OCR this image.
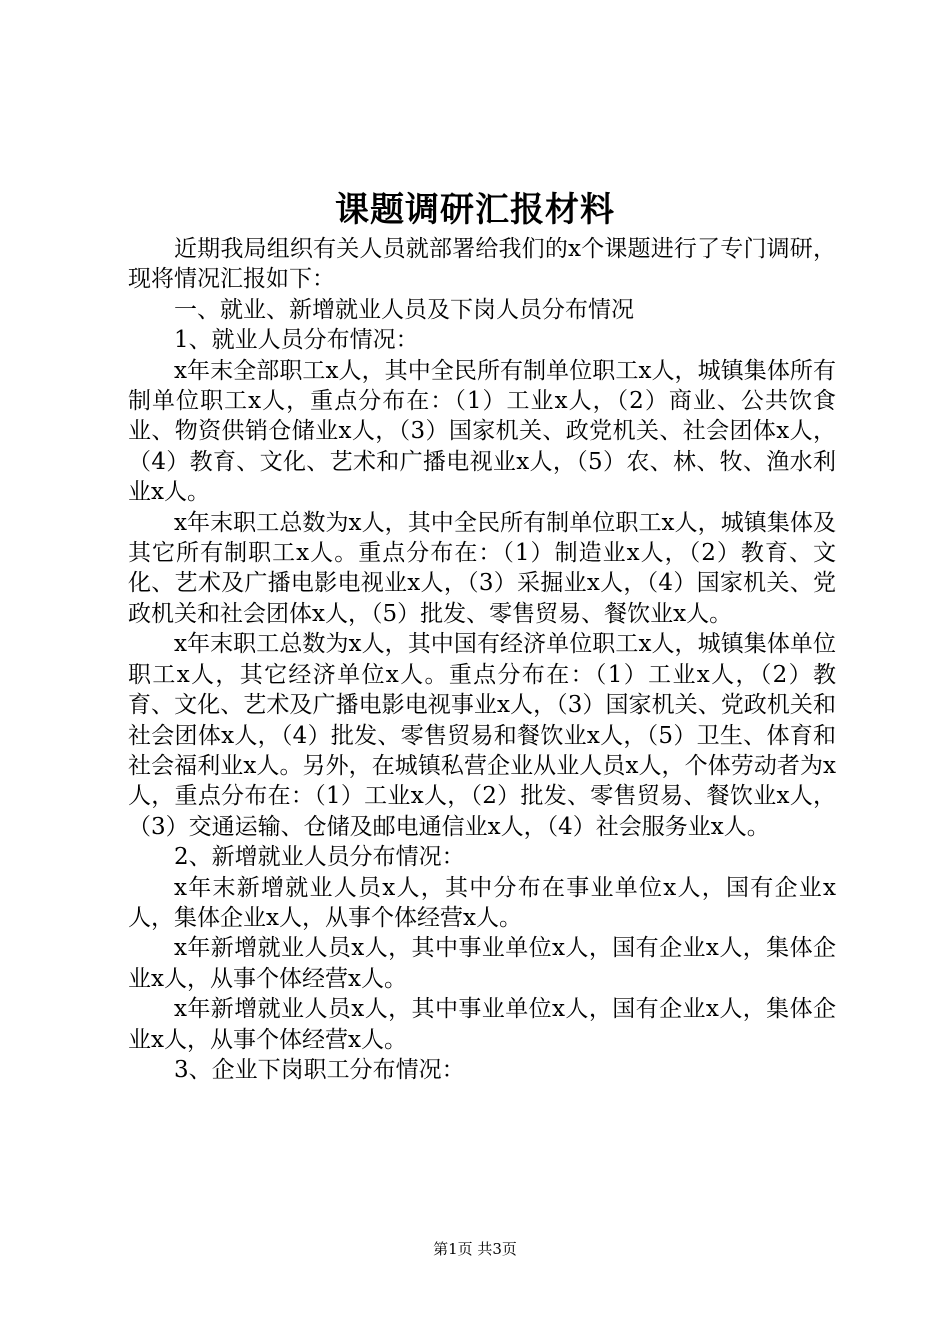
课题调研汇报材料

近期我局组织有关人员就部署给我们的x个课题进行了专门调研，现将情况汇报如下：

一、就业、新增就业人员及下岗人员分布情况

1、就业人员分布情况：

x年末全部职工x人，其中全民所有制单位职工x人，城镇集体所有制单位职工x人，重点分布在：（1）工业x人，（2）商业、公共饮食业、物资供销仓储业x人，（3）国家机关、政党机关、社会团体x人，（4）教育、文化、艺术和广播电视业x人，（5）农、林、牧、渔水利业x人。

x年末职工总数为x人，其中全民所有制单位职工x人，城镇集体及其它所有制职工x人。重点分布在：（1）制造业x人，（2）教育、文化、艺术及广播电影电视业x人，（3）采掘业x人，（4）国家机关、党政机关和社会团体x人，（5）批发、零售贸易、餐饮业x人。

x年末职工总数为x人，其中国有经济单位职工x人，城镇集体单位职工x人，其它经济单位x人。重点分布在：（1）工业x人，（2）教育、文化、艺术及广播电影电视事业x人，（3）国家机关、党政机关和社会团体x人，（4）批发、零售贸易和餐饮业x人，（5）卫生、体育和社会福利业x人。另外，在城镇私营企业从业人员x人，个体劳动者为x人，重点分布在：（1）工业x人，（2）批发、零售贸易、餐饮业x人，（3）交通运输、仓储及邮电通信业x人，（4）社会服务业x人。

2、新增就业人员分布情况：

x年末新增就业人员x人，其中分布在事业单位x人，国有企业x人，集体企业x人，从事个体经营x人。

x年新增就业人员x人，其中事业单位x人，国有企业x人，集体企业x人，从事个体经营x人。

x年新增就业人员x人，其中事业单位x人，国有企业x人，集体企业x人，从事个体经营x人。

3、企业下岗职工分布情况：

第1页 共3页
